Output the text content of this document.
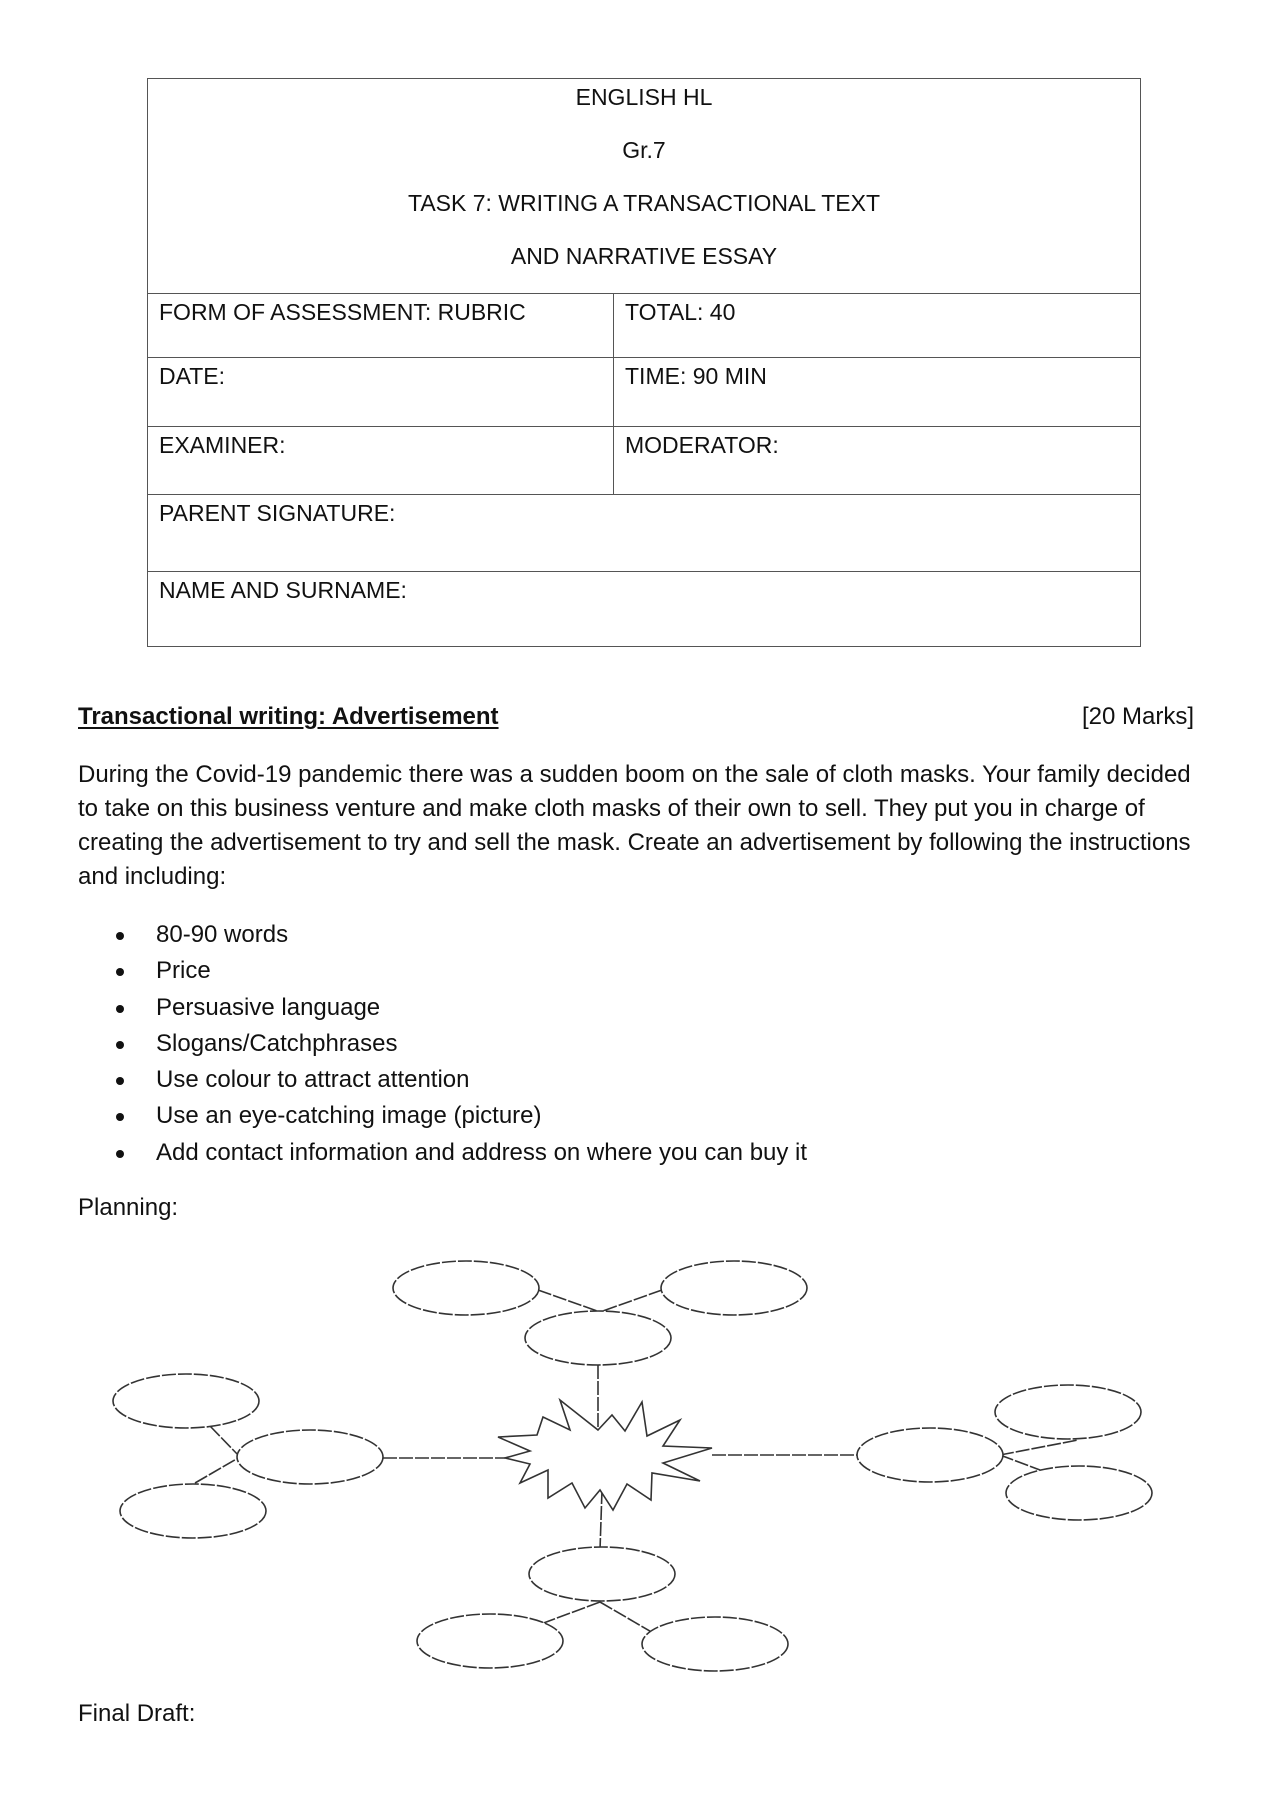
ENGLISH HL
Gr.7
TASK 7: WRITING A TRANSACTIONAL TEXT
AND NARRATIVE ESSAY	

FORM OF ASSESSMENT: RUBRIC	TOTAL: 40

DATE:	TIME: 90 MIN

EXAMINER:	MODERATOR:

PARENT SIGNATURE:	

NAME AND SURNAME:	
Transactional writing: Advertisement	[20 Marks]

During the Covid-19 pandemic there was a sudden boom on the sale of cloth masks. Your family decided to take on this business venture and make cloth masks of their own to sell. They put you in charge of creating the advertisement to try and sell the mask. Create an advertisement by following the instructions and including:

80-90 words
Price
Persuasive language
Slogans/Catchphrases
Use colour to attract attention
Use an eye-catching image (picture)
Add contact information and address on where you can buy it
Planning:
Final Draft:
